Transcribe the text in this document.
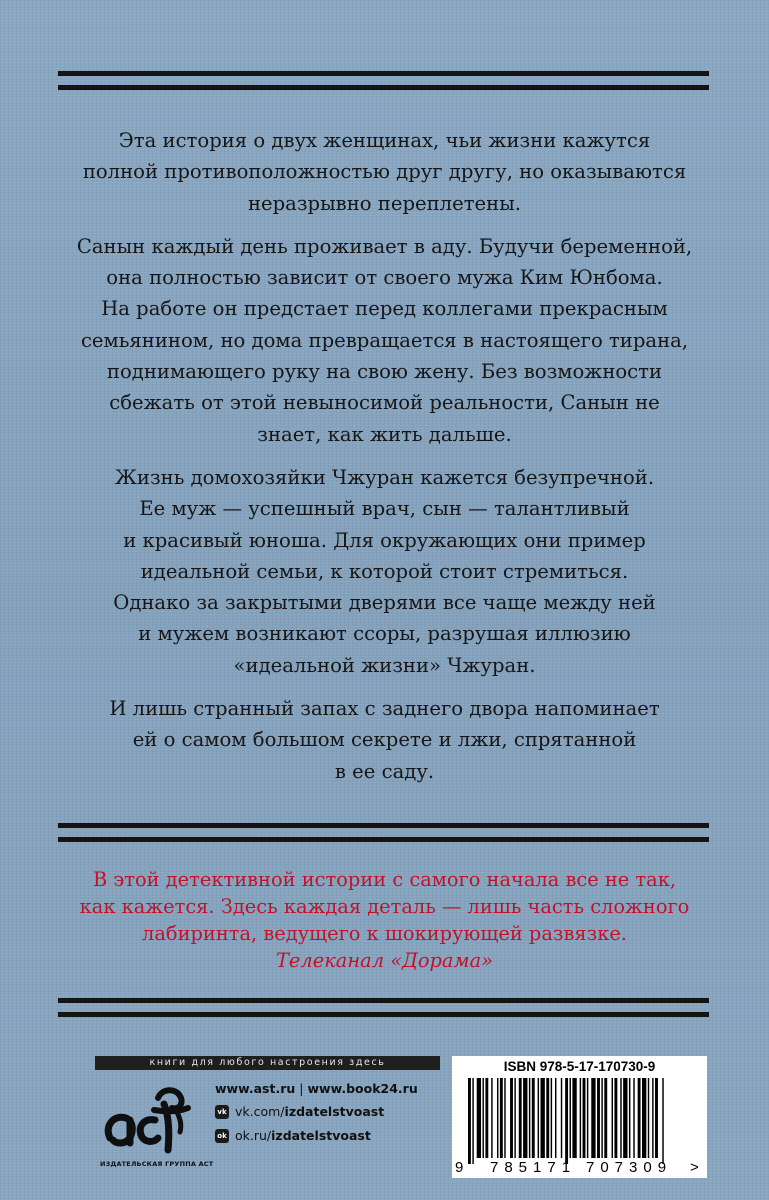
Эта история о двух женщинах, чьи жизни кажутся
полной противоположностью друг другу, но оказываются
неразрывно переплетены.

Санын каждый день проживает в аду. Будучи беременной,
она полностью зависит от своего мужа Ким Юнбома.
На работе он предстает перед коллегами прекрасным
семьянином, но дома превращается в настоящего тирана,
поднимающего руку на свою жену. Без возможности
сбежать от этой невыносимой реальности, Санын не
знает, как жить дальше.

Жизнь домохозяйки Чжуран кажется безупречной.
Ее муж — успешный врач, сын — талантливый
и красивый юноша. Для окружающих они пример
идеальной семьи, к которой стоит стремиться.
Однако за закрытыми дверями все чаще между ней
и мужем возникают ссоры, разрушая иллюзию
«идеальной жизни» Чжуран.

И лишь странный запах с заднего двора напоминает
ей о самом большом секрете и лжи, спрятанной
в ее саду.

В этой детективной истории с самого начала все не так,

как кажется. Здесь каждая деталь — лишь часть сложного

лабиринта, ведущего к шокирующей развязке.

Телеканал «Дорама»

книги для любого настроения здесь
ИЗДАТЕЛЬСКАЯ ГРУППА АСТ
www.ast.ru | www.book24.ru
vk vk.com/ izdatelstvoast
ok ok.ru/ izdatelstvoast
ISBN 978-5-17-170730-9
9 785171 707309 >
